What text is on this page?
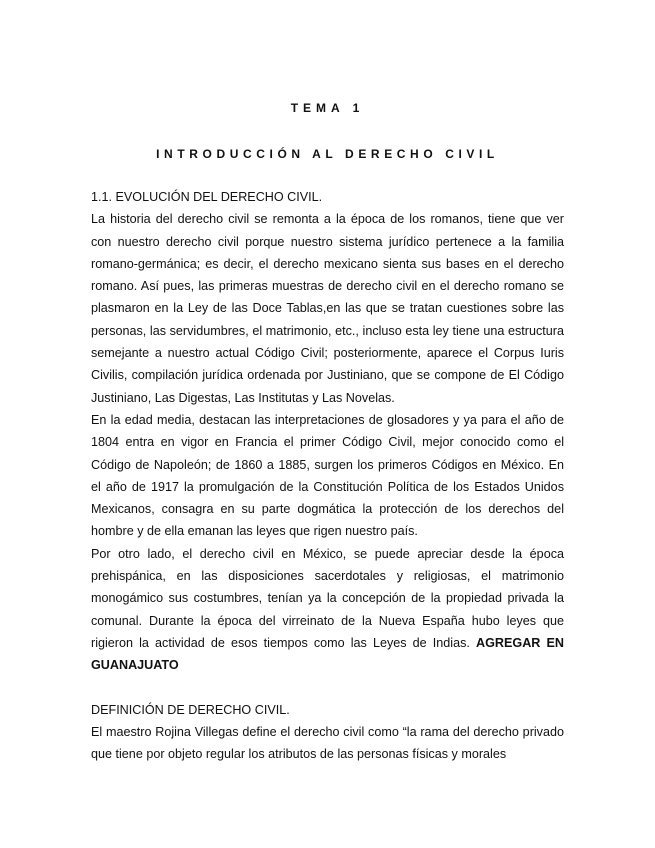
TEMA 1
INTRODUCCIÓN AL DERECHO CIVIL

1.1. EVOLUCIÓN DEL DERECHO CIVIL.

La historia del derecho civil se remonta a la época de los romanos, tiene que ver con nuestro derecho civil porque nuestro sistema jurídico pertenece a la familia romano-germánica; es decir, el derecho mexicano sienta sus bases en el derecho romano. Así pues, las primeras muestras de derecho civil en el derecho romano se plasmaron en la Ley de las Doce Tablas,en las que se tratan cuestiones sobre las personas, las servidumbres, el matrimonio, etc., incluso esta ley tiene una estructura semejante a nuestro actual Código Civil; posteriormente, aparece el Corpus Iuris Civilis, compilación jurídica ordenada por Justiniano, que se compone de El Código Justiniano, Las Digestas, Las Institutas y Las Novelas.

En la edad media, destacan las interpretaciones de glosadores y ya para el año de 1804 entra en vigor en Francia el primer Código Civil, mejor conocido como el Código de Napoleón; de 1860 a 1885, surgen los primeros Códigos en México. En el año de 1917 la promulgación de la Constitución Política de los Estados Unidos Mexicanos, consagra en su parte dogmática la protección de los derechos del hombre y de ella emanan las leyes que rigen nuestro país.

Por otro lado, el derecho civil en México, se puede apreciar desde la época prehispánica, en las disposiciones sacerdotales y religiosas, el matrimonio monogámico sus costumbres, tenían ya la concepción de la propiedad privada la comunal. Durante la época del virreinato de la Nueva España hubo leyes que rigieron la actividad de esos tiempos como las Leyes de Indias. AGREGAR EN GUANAJUATO

DEFINICIÓN DE DERECHO CIVIL.

El maestro Rojina Villegas define el derecho civil como “la rama del derecho privado que tiene por objeto regular los atributos de las personas físicas y morales
